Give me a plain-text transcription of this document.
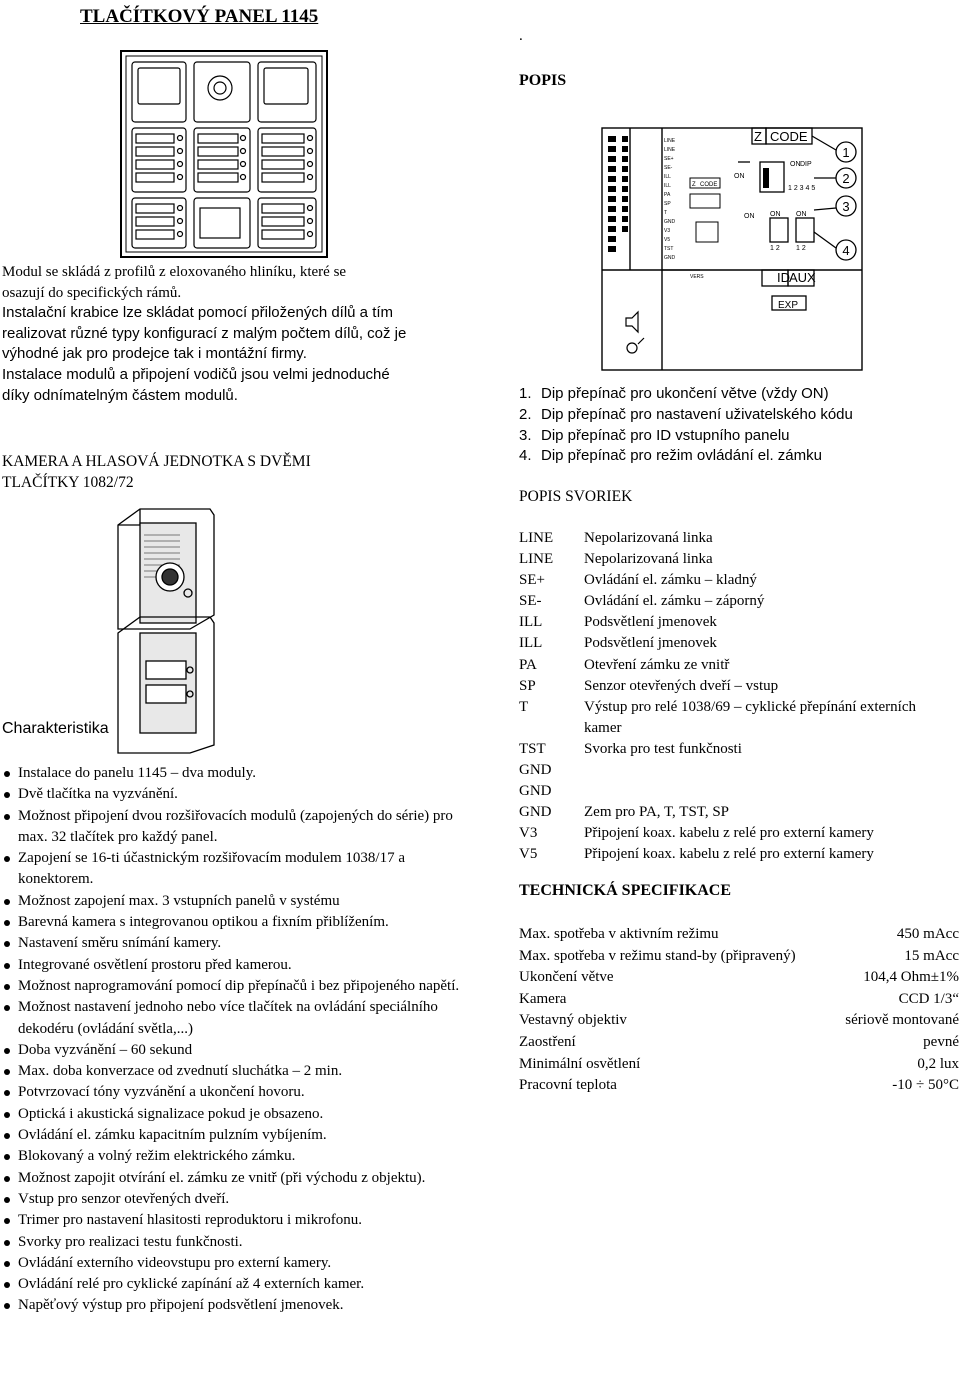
TLAČÍTKOVÝ PANEL 1145
Modul se skládá z profilů z eloxovaného hliníku, které se
osazují do specifických rámů.
Instalační krabice lze skládat pomocí přiložených dílů a tím
realizovat různé typy konfigurací z malým počtem dílů, což je
výhodné jak pro prodejce tak i montážní firmy.
Instalace modulů a připojení vodičů jsou velmi jednoduché
díky odnímatelným částem modulů.
KAMERA A HLASOVÁ JEDNOTKA S DVĚMI
TLAČÍTKY 1082/72
Charakteristika
Instalace do panelu 1145 – dva moduly.
Dvě tlačítka na vyzvánění.
Možnost připojení dvou rozšiřovacích modulů (zapojených do série) pro max. 32 tlačítek pro každý panel.
Zapojení se 16-ti účastnickým rozšiřovacím modulem 1038/17 a konektorem.
Možnost zapojení max. 3 vstupních panelů v systému
Barevná kamera s integrovanou optikou a fixním přiblížením.
Nastavení směru snímání kamery.
Integrované osvětlení prostoru před kamerou.
Možnost naprogramování pomocí dip přepínačů i bez připojeného napětí.
Možnost nastavení jednoho nebo více tlačítek na ovládání speciálního dekodéru (ovládání světla,...)
Doba vyzvánění – 60 sekund
Max. doba konverzace od zvednutí sluchátka – 2 min.
Potvrzovací tóny vyzvánění a ukončení hovoru.
Optická i akustická signalizace pokud je obsazeno.
Ovládání el. zámku kapacitním pulzním vybíjením.
Blokovaný a volný režim elektrického zámku.
Možnost zapojit otvírání el. zámku ze vnitř (při východu z objektu).
Vstup pro senzor otevřených dveří.
Trimer pro nastavení hlasitosti reproduktoru i mikrofonu.
Svorky pro realizaci testu funkčnosti.
Ovládání externího videovstupu pro externí kamery.
Ovládání relé pro cyklické zapínání až 4 externích kamer.
Napěťový výstup pro připojení podsvětlení jmenovek.
.
POPIS
LINE
LINE
SE+
SE-
ILL
ILL
PA
SP
T
GND
V3
V5
TST
GND
Z CODE
Z CODE
ID AUX
EXP
ON
ON DIP
1 2 3 4 5
ON ON ON
1 2 1 2
VERS
1
2
3
4
1. Dip přepínač pro ukončení větve (vždy ON)
2. Dip přepínač pro nastavení uživatelského kódu
3. Dip přepínač pro ID vstupního panelu
4. Dip přepínač pro režim ovládání el. zámku
POPIS SVORIEK
LINE	Nepolarizovaná linka
LINE	Nepolarizovaná linka
SE+	Ovládání el. zámku – kladný
SE-	Ovládání el. zámku – záporný
ILL	Podsvětlení jmenovek
ILL	Podsvětlení jmenovek
PA	Otevření zámku ze vnitř
SP	Senzor otevřených dveří – vstup
T	Výstup pro relé 1038/69 – cyklické přepínání externích kamer
TST	Svorka pro test funkčnosti
GND	
GND	
GND	Zem pro PA, T, TST, SP
V3	Připojení koax. kabelu z relé pro externí kamery
V5	Připojení koax. kabelu z relé pro externí kamery
TECHNICKÁ SPECIFIKACE
Max. spotřeba v aktivním režimu	450 mAcc
Max. spotřeba v režimu stand-by (připravený)	15 mAcc
Ukončení větve	104,4 Ohm±1%
Kamera	CCD 1/3“
Vestavný objektiv	sériově montované
Zaostření	pevné
Minimální osvětlení	0,2 lux
Pracovní teplota	-10 ÷ 50°C
